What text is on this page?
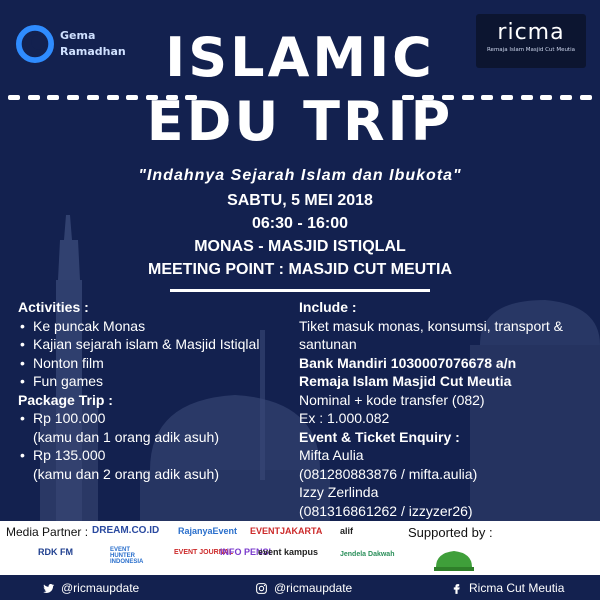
Gema
Ramadhan
ricma
Remaja Islam Masjid Cut Meutia
ISLAMIC
EDU TRIP
"Indahnya Sejarah Islam dan Ibukota"
SABTU, 5 MEI 2018
06:30 - 16:00
MONAS - MASJID ISTIQLAL
MEETING POINT : MASJID CUT MEUTIA
Activities :
• Ke puncak Monas
• Kajian sejarah islam & Masjid Istiqlal
• Nonton film
• Fun games
Package Trip :
• Rp 100.000
(kamu dan 1 orang adik asuh)
• Rp 135.000
(kamu dan 2 orang adik asuh)
Include :
Tiket masuk monas, konsumsi, transport & santunan
Bank Mandiri 1030007076678 a/n
Remaja Islam Masjid Cut Meutia
Nominal + kode transfer (082)
Ex : 1.000.082
Event & Ticket Enquiry :
Mifta Aulia
(081280883876 / mifta.aulia)
Izzy Zerlinda
(081316861262 / izzyzer26)
Media Partner :	Supported by :
DREAM.CO.ID RajanyaEvent EVENTJAKARTA alif
RDK FM	EVENT HUNTER INDONESIA
EVENT JOURNAL
INFO PENSI
event kampus	Jendela Dakwah
@ricmaupdate	@ricmaupdate	Ricma Cut Meutia
